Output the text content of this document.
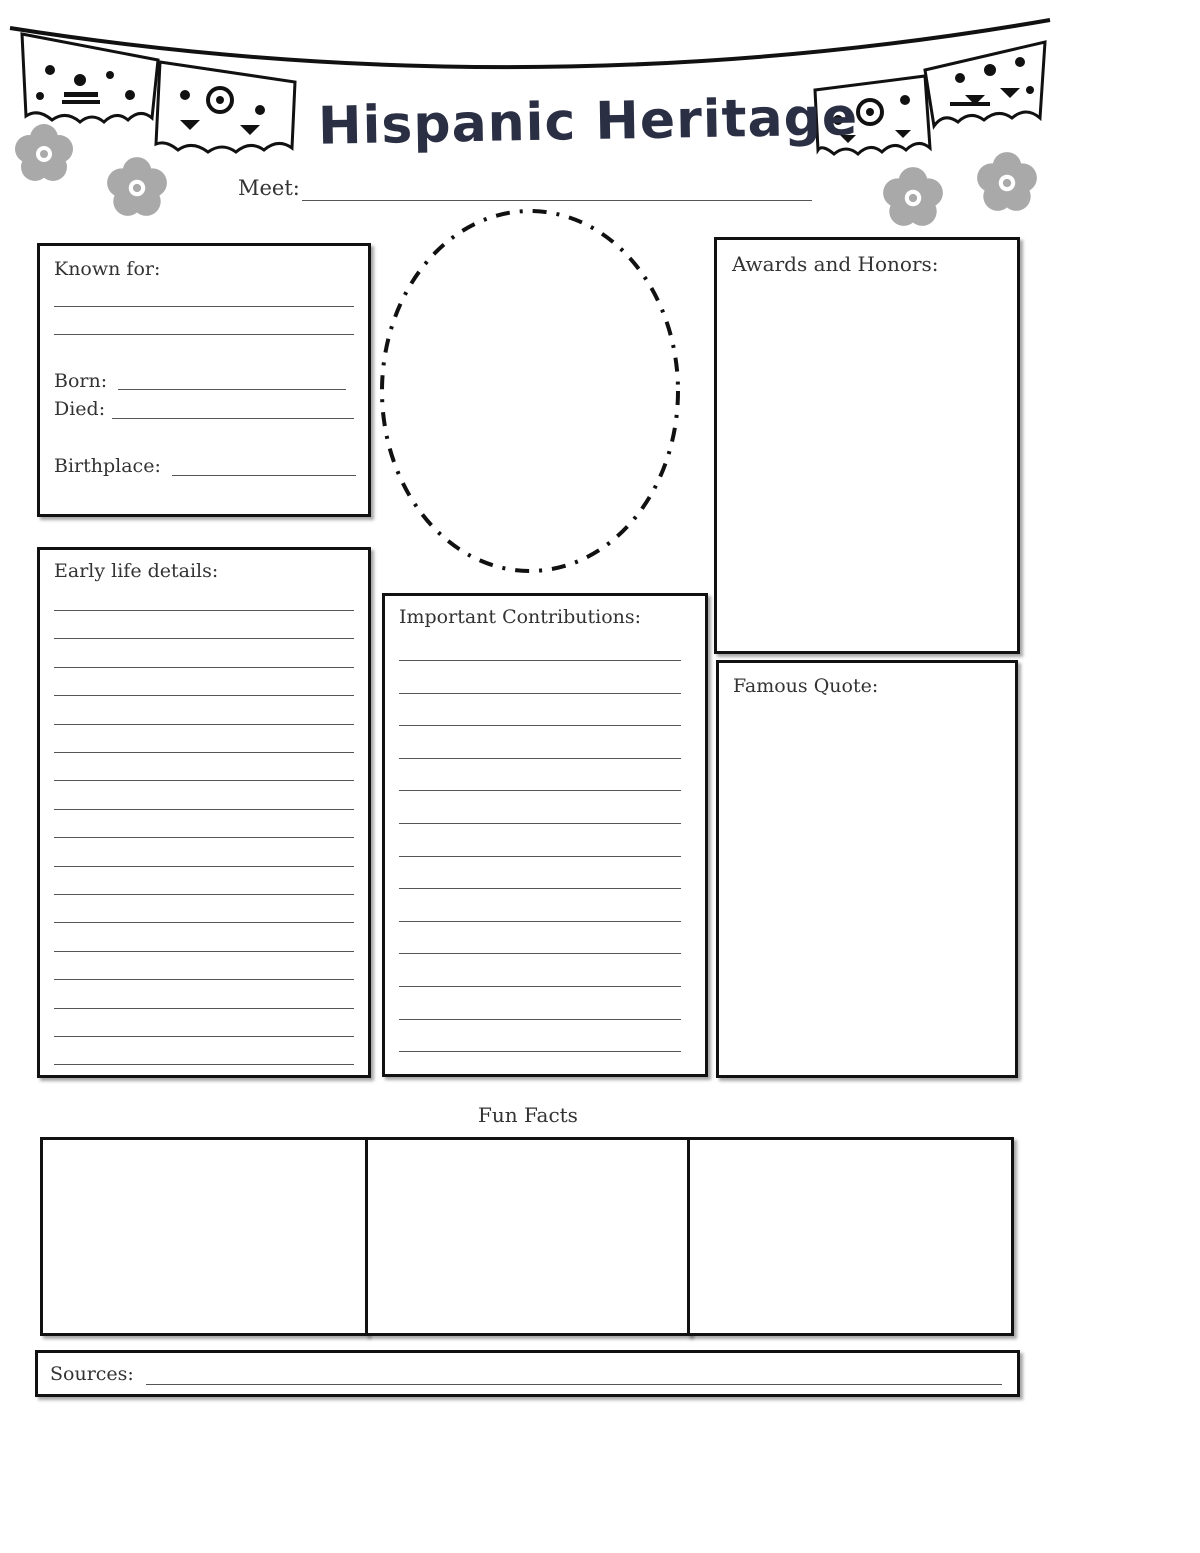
Hispanic Heritage
Meet:
Known for:
Born:
Died:
Birthplace:
Awards and Honors:
Early life details:
Important Contributions:
Famous Quote:
Fun Facts
Sources:
